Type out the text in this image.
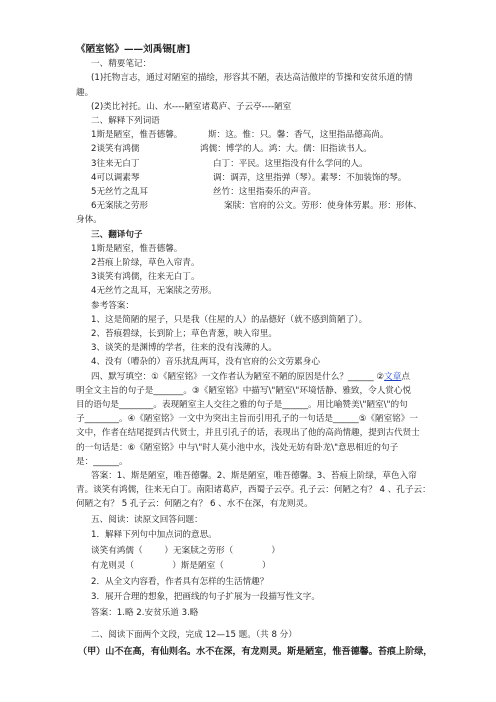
《陋室铭》——刘禹锡[唐]
一、精要笔记：
(1)托物言志，通过对陋室的描绘，形容其不陋，表达高洁傲岸的节操和安贫乐道的情
趣。
(2)类比衬托。山、水----陋室诸葛庐、子云亭----陋室
二、解释下列词语
1斯是陋室，惟吾德馨。	斯：这。惟：只。馨：香气，这里指品德高尚。
2谈笑有鸿儒	鸿儒：博学的人。鸿：大。儒：旧指读书人。
3往来无白丁	白丁：平民。这里指没有什么学问的人。
4可以调素琴	调：调弄，这里指弹（琴）。素琴：不加装饰的琴。
5无丝竹之乱耳	丝竹：这里指奏乐的声音。
6无案牍之劳形	案牍：官府的公文。劳形：使身体劳累。形：形体、
身体。
三、翻译句子
1斯是陋室，惟吾德馨。
2苔痕上阶绿，草色入帘青。
3谈笑有鸿儒，往来无白丁。
4无丝竹之乱耳，无案牍之劳形。
参考答案：
1、这是简陋的屋子，只是我（住屋的人）的品德好（就不感到简陋了）。
2、苔痕碧绿，长到阶上；草色青葱，映入帘里。
3、谈笑的是渊博的学者，往来的没有浅薄的人。
4、没有（嘈杂的）音乐扰乱两耳，没有官府的公文劳累身心
四、默写填空：①《陋室铭》一文作者认为陋室不陋的原因是什么？______ ②文章点
明全文主旨的句子是_______。③《陋室铭》中描写\"陋室\"环境恬静、雅致，令人赏心悦
目的语句是________。表现陋室主人交往之雅的句子是______。用比喻赞美\"陋室\"的句
子________。④《陋室铭》一文中为突出主旨而引用孔子的一句话是______⑤《陋室铭》一
文中，作者在结尾提到古代贤士，并且引孔子的话，表现出了他的高尚情趣，提到古代贤士
的一句话是：⑥《陋室铭》中与\"时人莫小池中水，浅处无妨有卧龙\"意思相近的句子
是：______。
答案：1、斯是陋室，唯吾德馨。2、斯是陋室，唯吾德馨。3、苔痕上阶绿，草色入帘
青。谈笑有鸿儒，往来无白丁。南阳诸葛庐，西蜀子云亭。孔子云：何陋之有？ 4 、孔子云：
何陋之有？ 5 孔子云：何陋之有？ 6 、水不在深，有龙则灵。
五、阅读：读原文回答问题：
1．解释下列句中加点词的意思。
谈笑有鸿儒（        ）无案牍之劳形（              ）
有龙则灵（              ）斯是陋室（              ）
2．从全文内容看，作者具有怎样的生活情趣？
3．展开合理的想象，把画线的句子扩展为一段描写性文字。
答案：1.略 2.安贫乐道 3.略
二、阅读下面两个文段，完成 12—15 题。（共 8 分）
（甲）山不在高，有仙则名。水不在深，有龙则灵。斯是陋室，惟吾德馨。苔痕上阶绿，
